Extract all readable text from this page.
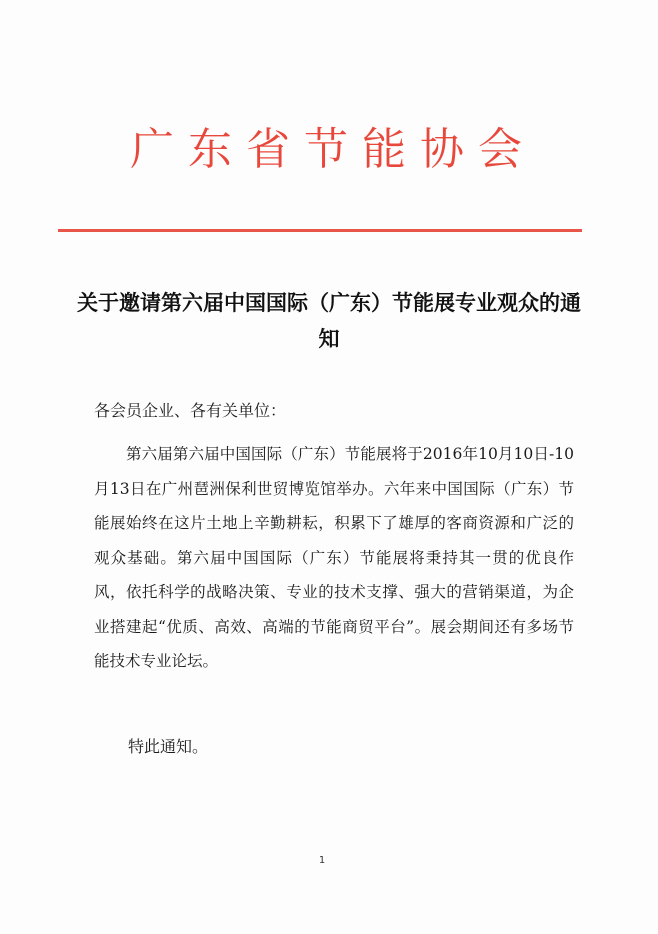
广东省节能协会
关于邀请第六届中国国际（广东）节能展专业观众的通知
各会员企业、各有关单位：

第六届第六届中国国际（广东）节能展将于2016年10月10日-10月13日在广州琶洲保利世贸博览馆举办。六年来中国国际（广东）节能展始终在这片土地上辛勤耕耘，积累下了雄厚的客商资源和广泛的观众基础。第六届中国国际（广东）节能展将秉持其一贯的优良作风，依托科学的战略决策、专业的技术支撑、强大的营销渠道，为企业搭建起“优质、高效、高端的节能商贸平台”。展会期间还有多场节能技术专业论坛。

特此通知。
1
